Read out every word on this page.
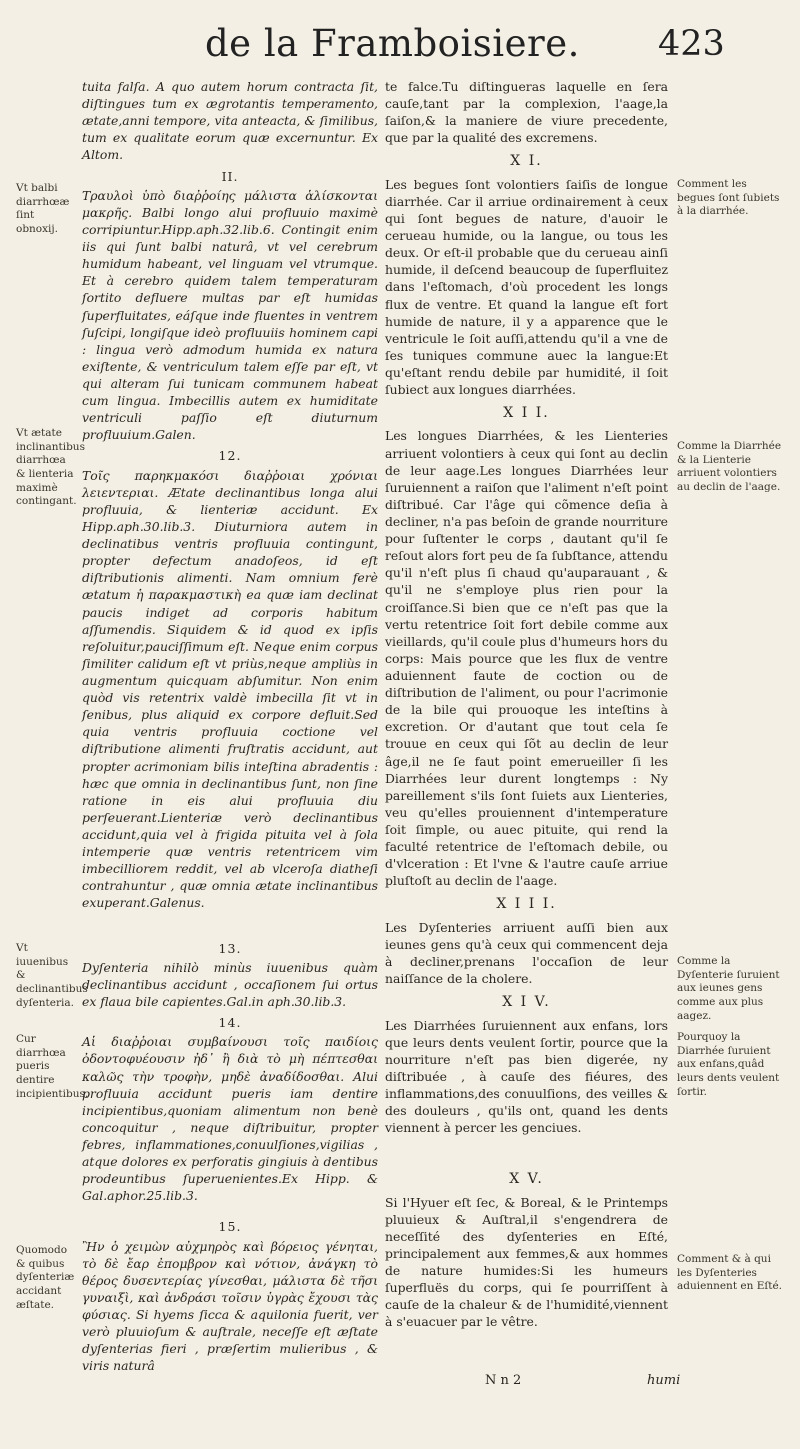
de la Framboisiere. 423
Vt balbi diarrhœæ ſint obnoxij.
Vt ætate inclinantibus diarrhœa & lienteria maximè contingant.
Vt iuuenibus & declinantibus dyſenteria.
Cur diarrhœa pueris dentire incipientibus.
Quomodo & quibus dyſenteriæ accidant æſtate.

tuita falſa. A quo autem horum contracta ſit, diſtingues tum ex ægrotantis temperamento, ætate,anni tempore, vita anteacta, & ſimilibus, tum ex qualitate eorum quæ excernuntur. Ex Altom.

II.

Τραυλοὶ ὑπὸ διαῤῥοίης μάλιστα ἁλίσκονται μακρῆς. Balbi longo alui profluuio maximè corripiuntur.Hipp.aph.32.lib.6. Contingit enim iis qui ſunt balbi naturâ, vt vel cerebrum humidum habeant, vel linguam vel vtrumque. Et à cerebro quidem talem temperaturam ſortito defluere multas par eſt humidas ſuperfluitates, eáſque inde fluentes in ventrem ſuſcipi, longiſque ideò profluuiis hominem capi : lingua verò admodum humida ex natura exiſtente, & ventriculum talem eſſe par eſt, vt qui alteram ſui tunicam communem habeat cum lingua. Imbecillis autem ex humiditate ventriculi paſſio eſt diuturnum profluuium.Galen.

12.

Τοῖς παρηκμακόσι διαῤῥοιαι χρόνιαι λειεντεριαι. Ætate declinantibus longa alui profluuia, & lienteriæ accidunt. Ex Hipp.aph.30.lib.3. Diuturniora autem in declinatibus ventris profluuia contingunt, propter defectum anadoſeos, id eſt diſtributionis alimenti. Nam omnium ferè ætatum ἡ παρακμαστικὴ ea quæ iam declinat paucis indiget ad corporis habitum aſſumendis. Siquidem & id quod ex ipſis reſoluitur,pauciſſimum eſt. Neque enim corpus ſimiliter calidum eſt vt priùs,neque ampliùs in augmentum quicquam abſumitur. Non enim quòd vis retentrix valdè imbecilla ſit vt in ſenibus, plus aliquid ex corpore defluit.Sed quia ventris profluuia coctione vel diſtributione alimenti fruſtratis accidunt, aut propter acrimoniam bilis inteſtina abradentis : hæc que omnia in declinantibus ſunt, non ſine ratione in eis alui profluuia diu perſeuerant.Lienteriæ verò declinantibus accidunt,quia vel à frigida pituita vel à ſola intemperie quæ ventris retentricem vim imbecilliorem reddit, vel ab vlceroſa diatheſi contrahuntur , quæ omnia ætate inclinantibus exuperant.Galenus.

13.

Dyſenteria nihilò minùs iuuenibus quàm declinantibus accidunt , occaſionem ſui ortus ex flaua bile capientes.Gal.in aph.30.lib.3.

14.

Αἱ διαῤῥοιαι συμβαίνουσι τοῖς παιδίοις ὀδοντοφυέουσιν ἠδ᾽ ἢ διὰ τὸ μὴ πέπτεσθαι καλῶς τὴν τροφὴν, μηδὲ ἀναδίδοσθαι. Alui profluuia accidunt pueris iam dentire incipientibus,quoniam alimentum non benè concoquitur , neque diſtribuitur, propter febres, inflammationes,conuulſiones,vigilias , atque dolores ex perforatis gingiuis à dentibus prodeuntibus ſuperuenientes.Ex Hipp. & Gal.aphor.25.lib.3.

15.

Ἢν ὁ χειμὼν αὐχμηρὸς καὶ βόρειος γένηται, τὸ δὲ ἔαρ ἐπομβρον καὶ νότιον, ἀνάγκη τὸ θέρος δυσεντερίας γίνεσθαι, μάλιστα δὲ τῆσι γυναιξὶ, καὶ ἀνδράσι τοῖσιν ὑγρὰς ἔχουσι τὰς φύσιας. Si hyems ſicca & aquilonia fuerit, ver verò pluuioſum & auſtrale, neceſſe eſt æſtate dyſenterias fieri , præſertim mulieribus , & viris naturâ

te falce.Tu diſtingueras laquelle en ſera cauſe,tant par la complexion, l'aage,la ſaiſon,& la maniere de viure precedente, que par la qualité des excremens.

X I.

Les begues ſont volontiers ſaiſis de longue diarrhée. Car il arriue ordinairement à ceux qui ſont begues de nature, d'auoir le cerueau humide, ou la langue, ou tous les deux. Or eſt-il probable que du cerueau ainſi humide, il deſcend beaucoup de ſuperfluitez dans l'eſtomach, d'où procedent les longs flux de ventre. Et quand la langue eſt fort humide de nature, il y a apparence que le ventricule le ſoit auſſi,attendu qu'il a vne de ſes tuniques commune auec la langue:Et qu'eſtant rendu debile par humidité, il ſoit ſubiect aux longues diarrhées.

X I I.

Les longues Diarrhées, & les Lienteries arriuent volontiers à ceux qui ſont au declin de leur aage.Les longues Diarrhées leur ſuruiennent a raiſon que l'aliment n'eſt point diſtribué. Car l'âge qui cõmence deſia à decliner, n'a pas beſoin de grande nourriture pour ſuſtenter le corps , dautant qu'il ſe reſout alors fort peu de ſa ſubſtance, attendu qu'il n'eſt plus ſi chaud qu'auparauant , & qu'il ne s'employe plus rien pour la croiſſance.Si bien que ce n'eſt pas que la vertu retentrice ſoit fort debile comme aux vieillards, qu'il coule plus d'humeurs hors du corps: Mais pource que les flux de ventre aduiennent faute de coction ou de diſtribution de l'aliment, ou pour l'acrimonie de la bile qui prouoque les inteſtins à excretion. Or d'autant que tout cela ſe trouue en ceux qui ſõt au declin de leur âge,il ne ſe faut point emerueiller ſi les Diarrhées leur durent longtemps : Ny pareillement s'ils ſont ſuiets aux Lienteries, veu qu'elles prouiennent d'intemperature ſoit ſimple, ou auec pituite, qui rend la faculté retentrice de l'eſtomach debile, ou d'vlceration : Et l'vne & l'autre cauſe arriue pluſtoſt au declin de l'aage.

X I I I.

Les Dyſenteries arriuent auſſi bien aux ieunes gens qu'à ceux qui commencent deja à decliner,prenans l'occaſion de leur naiſſance de la cholere.

X I V.

Les Diarrhées ſuruiennent aux enfans, lors que leurs dents veulent ſortir, pource que la nourriture n'eſt pas bien digerée, ny diſtribuée , à cauſe des fiéures, des inflammations,des conuulſions, des veilles & des douleurs , qu'ils ont, quand les dents viennent à percer les genciues.

X V.

Si l'Hyuer eſt ſec, & Boreal, & le Printemps pluuieux & Auſtral,il s'engendrera de neceſſité des dyſenteries en Eſté, principalement aux femmes,& aux hommes de nature humides:Si les humeurs ſuperfluës du corps, qui ſe pourriſſent à cauſe de la chaleur & de l'humidité,viennent à s'euacuer par le vêtre.

Comment les begues ſont ſubiets à la diarrhée.
Comme la Diarrhée & la Lienterie arriuent volontiers au declin de l'aage.
Comme la Dyſenterie ſuruient aux ieunes gens comme aux plus aagez.
Pourquoy la Diarrhée ſuruient aux enfans,quâd leurs dents veulent ſortir.
Comment & à qui les Dyſenteries aduiennent en Eſté.
N n 2	humi
